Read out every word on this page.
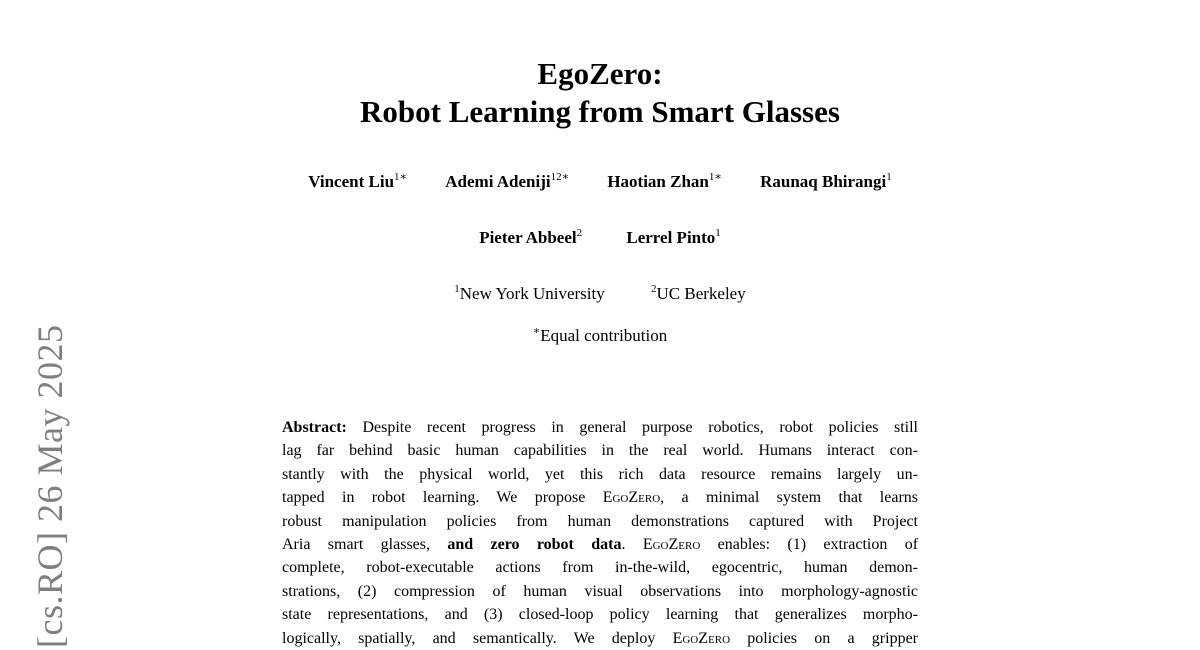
[cs.RO] 26 May 2025
EgoZero:
Robot Learning from Smart Glasses
Vincent Liu$^{1∗}$ Ademi Adeniji$^{12∗}$ Haotian Zhan$^{1∗}$ Raunaq Bhirangi$^1$
Pieter Abbeel$^2$	Lerrel Pinto$^1$
$^1$New York University	$^2$UC Berkeley
∗Equal contribution
Abstract: Despite recent progress in general purpose robotics, robot policies still
lag far behind basic human capabilities in the real world. Humans interact con-
stantly with the physical world, yet this rich data resource remains largely un-
tapped in robot learning. We propose EgoZero, a minimal system that learns
robust manipulation policies from human demonstrations captured with Project
Aria smart glasses, and zero robot data. EgoZero enables: (1) extraction of
complete, robot-executable actions from in-the-wild, egocentric, human demon-
strations, (2) compression of human visual observations into morphology-agnostic
state representations, and (3) closed-loop policy learning that generalizes morpho-
logically, spatially, and semantically. We deploy EgoZero policies on a gripper
